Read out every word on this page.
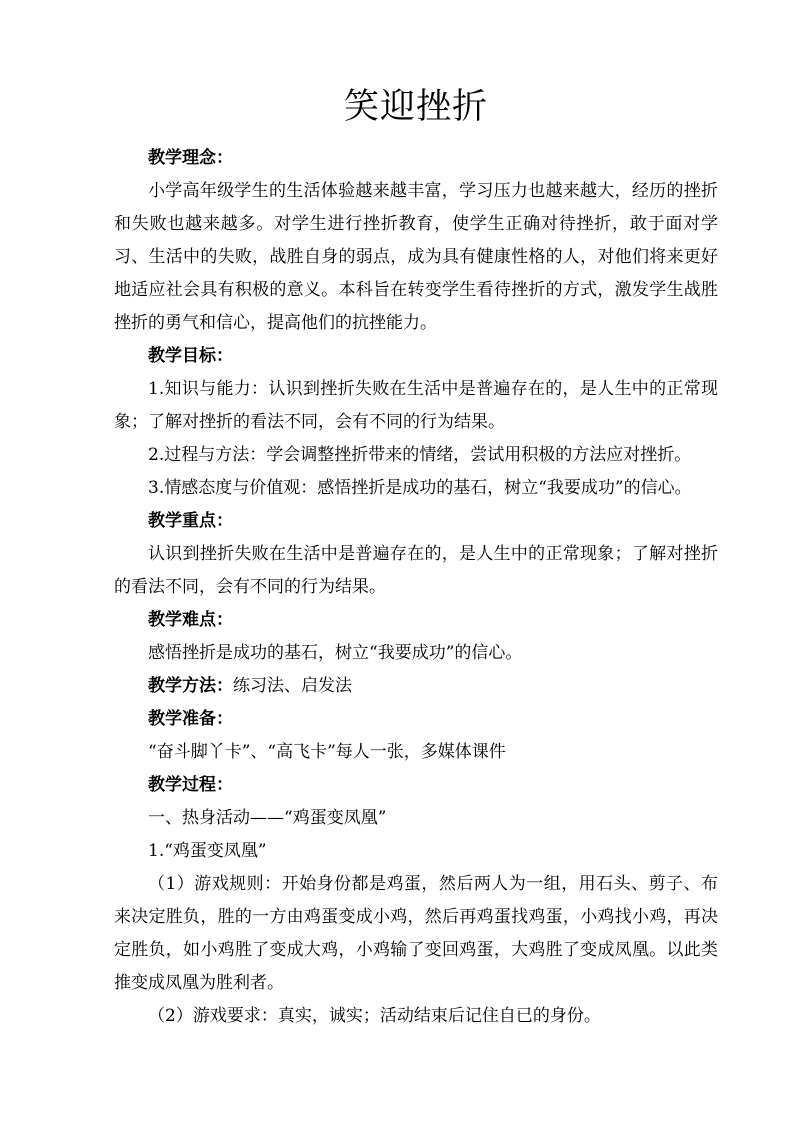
笑迎挫折

教学理念：

小学高年级学生的生活体验越来越丰富，学习压力也越来越大，经历的挫折和失败也越来越多。对学生进行挫折教育，使学生正确对待挫折，敢于面对学习、生活中的失败，战胜自身的弱点，成为具有健康性格的人，对他们将来更好地适应社会具有积极的意义。本科旨在转变学生看待挫折的方式，激发学生战胜挫折的勇气和信心，提高他们的抗挫能力。

教学目标：

1.知识与能力：认识到挫折失败在生活中是普遍存在的，是人生中的正常现象；了解对挫折的看法不同，会有不同的行为结果。

2.过程与方法：学会调整挫折带来的情绪，尝试用积极的方法应对挫折。

3.情感态度与价值观：感悟挫折是成功的基石，树立“我要成功”的信心。

教学重点：

认识到挫折失败在生活中是普遍存在的，是人生中的正常现象；了解对挫折的看法不同，会有不同的行为结果。

教学难点：

感悟挫折是成功的基石，树立“我要成功”的信心。

教学方法：练习法、启发法

教学准备：

“奋斗脚丫卡”、“高飞卡”每人一张，多媒体课件

教学过程：

一、热身活动——“鸡蛋变凤凰”

1.“鸡蛋变凤凰”

（1）游戏规则：开始身份都是鸡蛋，然后两人为一组，用石头、剪子、布来决定胜负，胜的一方由鸡蛋变成小鸡，然后再鸡蛋找鸡蛋，小鸡找小鸡，再决定胜负，如小鸡胜了变成大鸡，小鸡输了变回鸡蛋，大鸡胜了变成凤凰。以此类推变成凤凰为胜利者。

（2）游戏要求：真实，诚实；活动结束后记住自已的身份。
